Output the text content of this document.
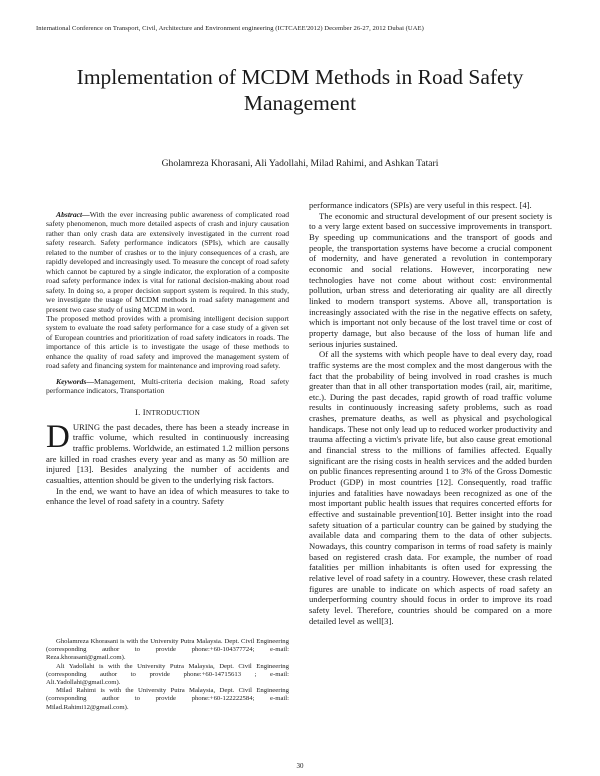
International Conference on Transport, Civil, Architecture and Environment engineering (ICTCAEE'2012) December 26-27, 2012 Dubai (UAE)
Implementation of MCDM Methods in Road Safety Management
Gholamreza Khorasani, Ali Yadollahi, Milad Rahimi, and Ashkan Tatari

Abstract—With the ever increasing public awareness of complicated road safety phenomenon, much more detailed aspects of crash and injury causation rather than only crash data are extensively investigated in the current road safety research. Safety performance indicators (SPIs), which are causally related to the number of crashes or to the injury consequences of a crash, are rapidly developed and increasingly used. To measure the concept of road safety which cannot be captured by a single indicator, the exploration of a composite road safety performance index is vital for rational decision-making about road safety. In doing so, a proper decision support system is required. In this study, we investigate the usage of MCDM methods in road safety management and present two case study of using MCDM in word.

The proposed method provides with a promising intelligent decision support system to evaluate the road safety performance for a case study of a given set of European countries and prioritization of road safety indicators in roads. The importance of this article is to investigate the usage of these methods to enhance the quality of road safety and improved the management system of road safety and financing system for maintenance and improving road safety.

Keywords—Management, Multi-criteria decision making, Road safety performance indicators, Transportation

I. INTRODUCTION

DURING the past decades, there has been a steady increase in traffic volume, which resulted in continuously increasing traffic problems. Worldwide, an estimated 1.2 million persons are killed in road crashes every year and as many as 50 million are injured [13]. Besides analyzing the number of accidents and casualties, attention should be given to the underlying risk factors.

In the end, we want to have an idea of which measures to take to enhance the level of road safety in a country. Safety

Gholamreza Khorasani is with the University Putra Malaysia. Dept. Civil Engineering (corresponding author to provide phone:+60-104377724; e-mail: Reza.khorasani@gmail.com).

Ali Yadollahi is with the University Putra Malaysia, Dept. Civil Engineering (corresponding author to provide phone:+60-14715613 ; e-mail: Ali.Yadollahi@gmail.com).

Milad Rahimi is with the University Putra Malaysia, Dept. Civil Engineering (corresponding author to provide phone:+60-122222584; e-mail: Milad.Rahimi12@gmail.com).

performance indicators (SPIs) are very useful in this respect. [4].

The economic and structural development of our present society is to a very large extent based on successive improvements in transport. By speeding up communications and the transport of goods and people, the transportation systems have become a crucial component of modernity, and have generated a revolution in contemporary economic and social relations. However, incorporating new technologies have not come about without cost: environmental pollution, urban stress and deteriorating air quality are all directly linked to modern transport systems. Above all, transportation is increasingly associated with the rise in the negative effects on safety, which is important not only because of the lost travel time or cost of property damage, but also because of the loss of human life and serious injuries sustained.

Of all the systems with which people have to deal every day, road traffic systems are the most complex and the most dangerous with the fact that the probability of being involved in road crashes is much greater than that in all other transportation modes (rail, air, maritime, etc.). During the past decades, rapid growth of road traffic volume results in continuously increasing safety problems, such as road crashes, premature deaths, as well as physical and psychological handicaps. These not only lead up to reduced worker productivity and trauma affecting a victim's private life, but also cause great emotional and financial stress to the millions of families affected. Equally significant are the rising costs in health services and the added burden on public finances representing around 1 to 3% of the Gross Domestic Product (GDP) in most countries [12]. Consequently, road traffic injuries and fatalities have nowadays been recognized as one of the most important public health issues that requires concerted efforts for effective and sustainable prevention[10]. Better insight into the road safety situation of a particular country can be gained by studying the available data and comparing them to the data of other subjects. Nowadays, this country comparison in terms of road safety is mainly based on registered crash data. For example, the number of road fatalities per million inhabitants is often used for expressing the relative level of road safety in a country. However, these crash related figures are unable to indicate on which aspects of road safety an underperforming country should focus in order to improve its road safety level. Therefore, countries should be compared on a more detailed level as well[3].

30
